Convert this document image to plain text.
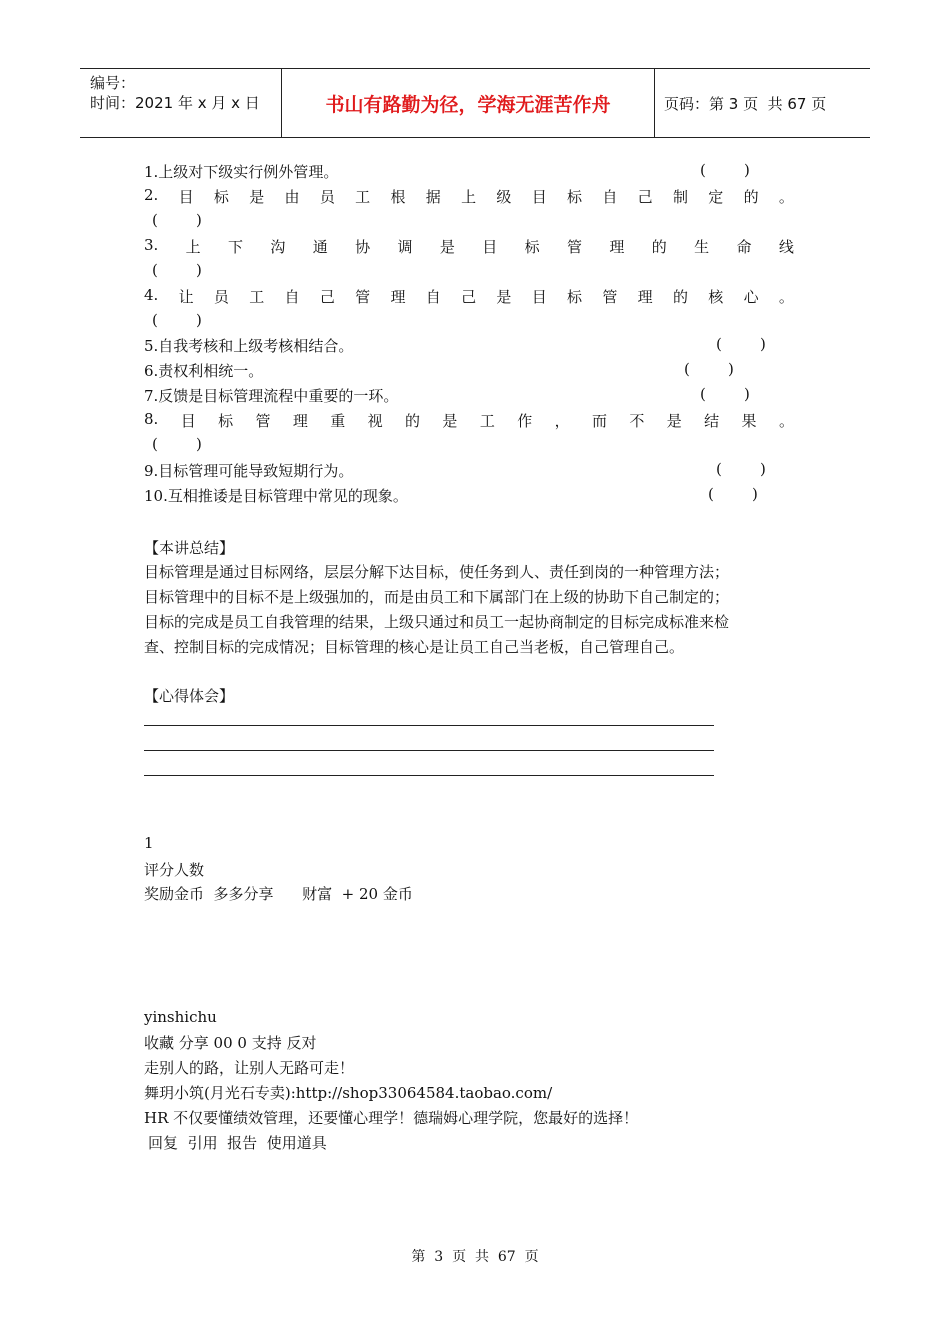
编号：
时间：2021 年 x 月 x 日	书山有路勤为径，学海无涯苦作舟	页码：第 3 页  共 67 页
1.上级对下级实行例外管理。	(        )
2. 目 标 是 由 员 工 根 据 上 级 目 标 自 己 制 定 的 。
(        )
3. 上 下 沟 通 协 调 是 目 标 管 理 的 生 命 线
(        )
4. 让 员 工 自 己 管 理 自 己 是 目 标 管 理 的 核 心 。
(        )
5.自我考核和上级考核相结合。	(        )
6.责权利相统一。	(        )
7.反馈是目标管理流程中重要的一环。	(        )
8. 目 标 管 理 重 视 的 是 工 作 ， 而 不 是 结 果 。
(        )
9.目标管理可能导致短期行为。	(        )
10.互相推诿是目标管理中常见的现象。	(        )
【本讲总结】
目标管理是通过目标网络，层层分解下达目标，使任务到人、责任到岗的一种管理方法；
目标管理中的目标不是上级强加的，而是由员工和下属部门在上级的协助下自己制定的；
目标的完成是员工自我管理的结果，上级只通过和员工一起协商制定的目标完成标准来检
查、控制目标的完成情况；目标管理的核心是让员工自己当老板，自己管理自己。
【心得体会】
1
评分人数
奖励金币  多多分享      财富  + 20 金币
yinshichu
收藏 分享 00 0 支持 反对
走别人的路，让别人无路可走！
舞玥小筑(月光石专卖):http://shop33064584.taobao.com/
HR 不仅要懂绩效管理，还要懂心理学！德瑞姆心理学院，您最好的选择！
回复 引用 报告 使用道具
第  3  页  共  67  页
